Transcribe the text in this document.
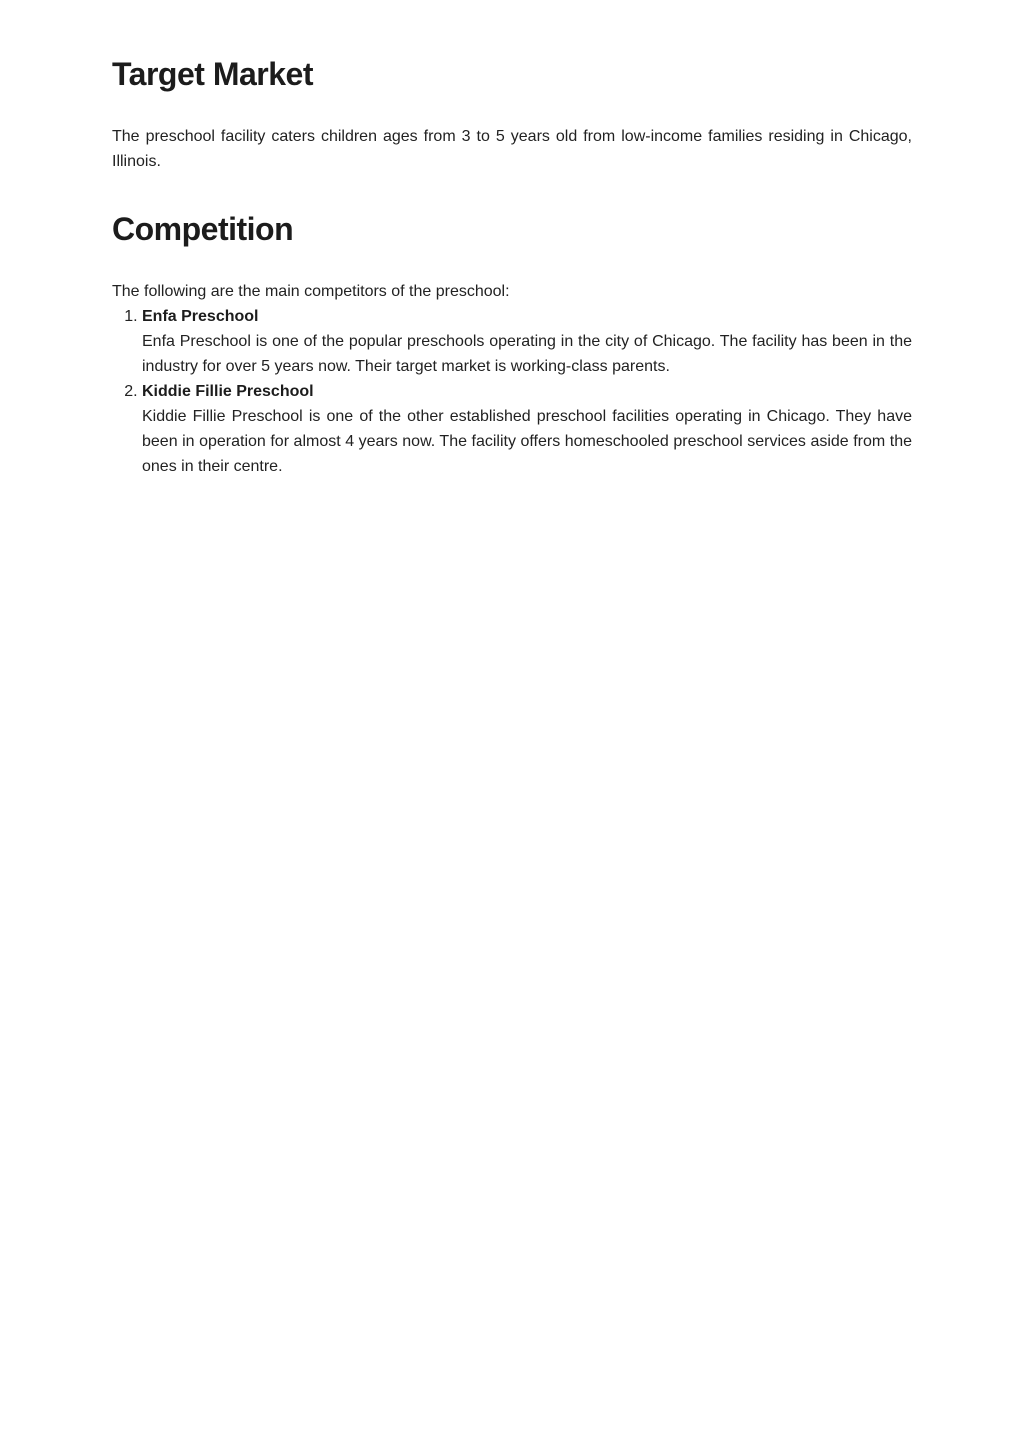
Target Market

The preschool facility caters children ages from 3 to 5 years old from low-income families residing in Chicago, Illinois.

Competition

The following are the main competitors of the preschool:

1. Enfa Preschool
Enfa Preschool is one of the popular preschools operating in the city of Chicago. The facility has been in the industry for over 5 years now. Their target market is working-class parents.
2. Kiddie Fillie Preschool
Kiddie Fillie Preschool is one of the other established preschool facilities operating in Chicago. They have been in operation for almost 4 years now. The facility offers homeschooled preschool services aside from the ones in their centre.
